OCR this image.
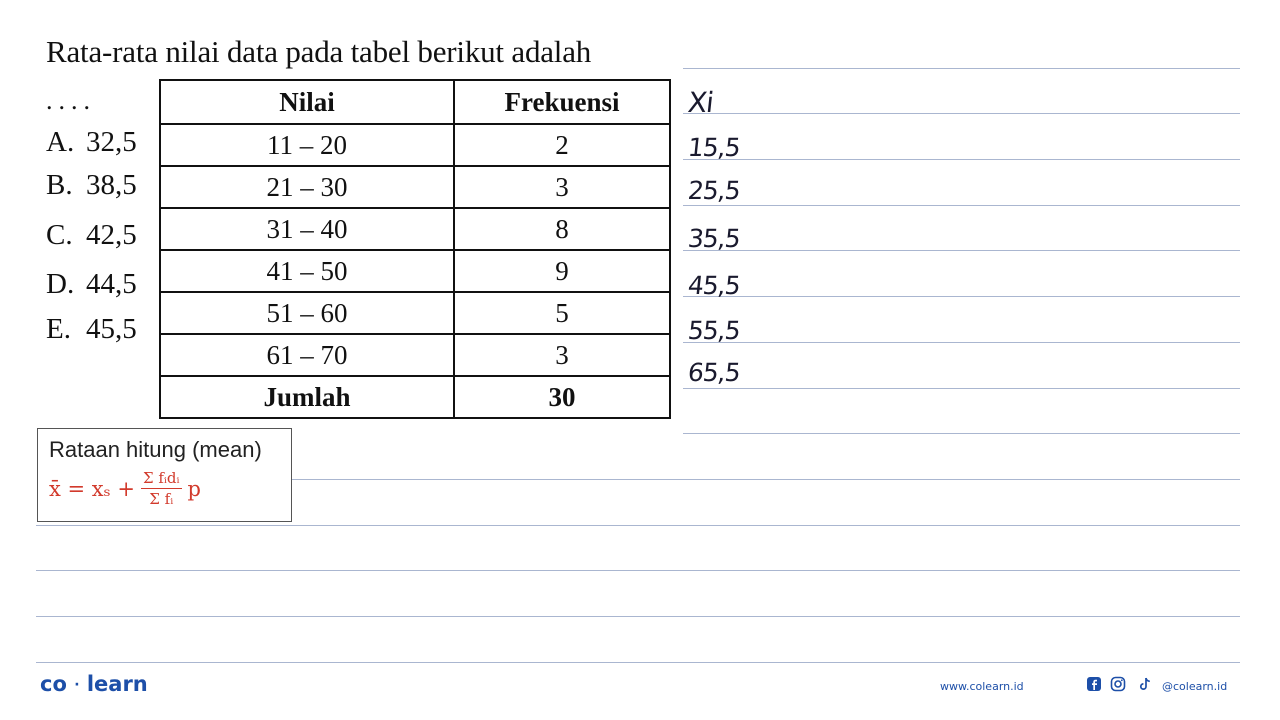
Rata-rata nilai data pada tabel berikut adalah
....
A. 32,5
B. 38,5
C. 42,5
D. 44,5
E. 45,5
Nilai	Frekuensi
11 – 20	2
21 – 30	3
31 – 40	8
41 – 50	9
51 – 60	5
61 – 70	3
Jumlah	30
Xi
15,5
25,5
35,5
45,5
55,5
65,5
Rataan hitung (mean)
x̄ = $x_s + \frac{\text{Σ fᵢdᵢ}}{\text{Σ fᵢ}}$ p
co · learn	www.colearn.id	@colearn.id
